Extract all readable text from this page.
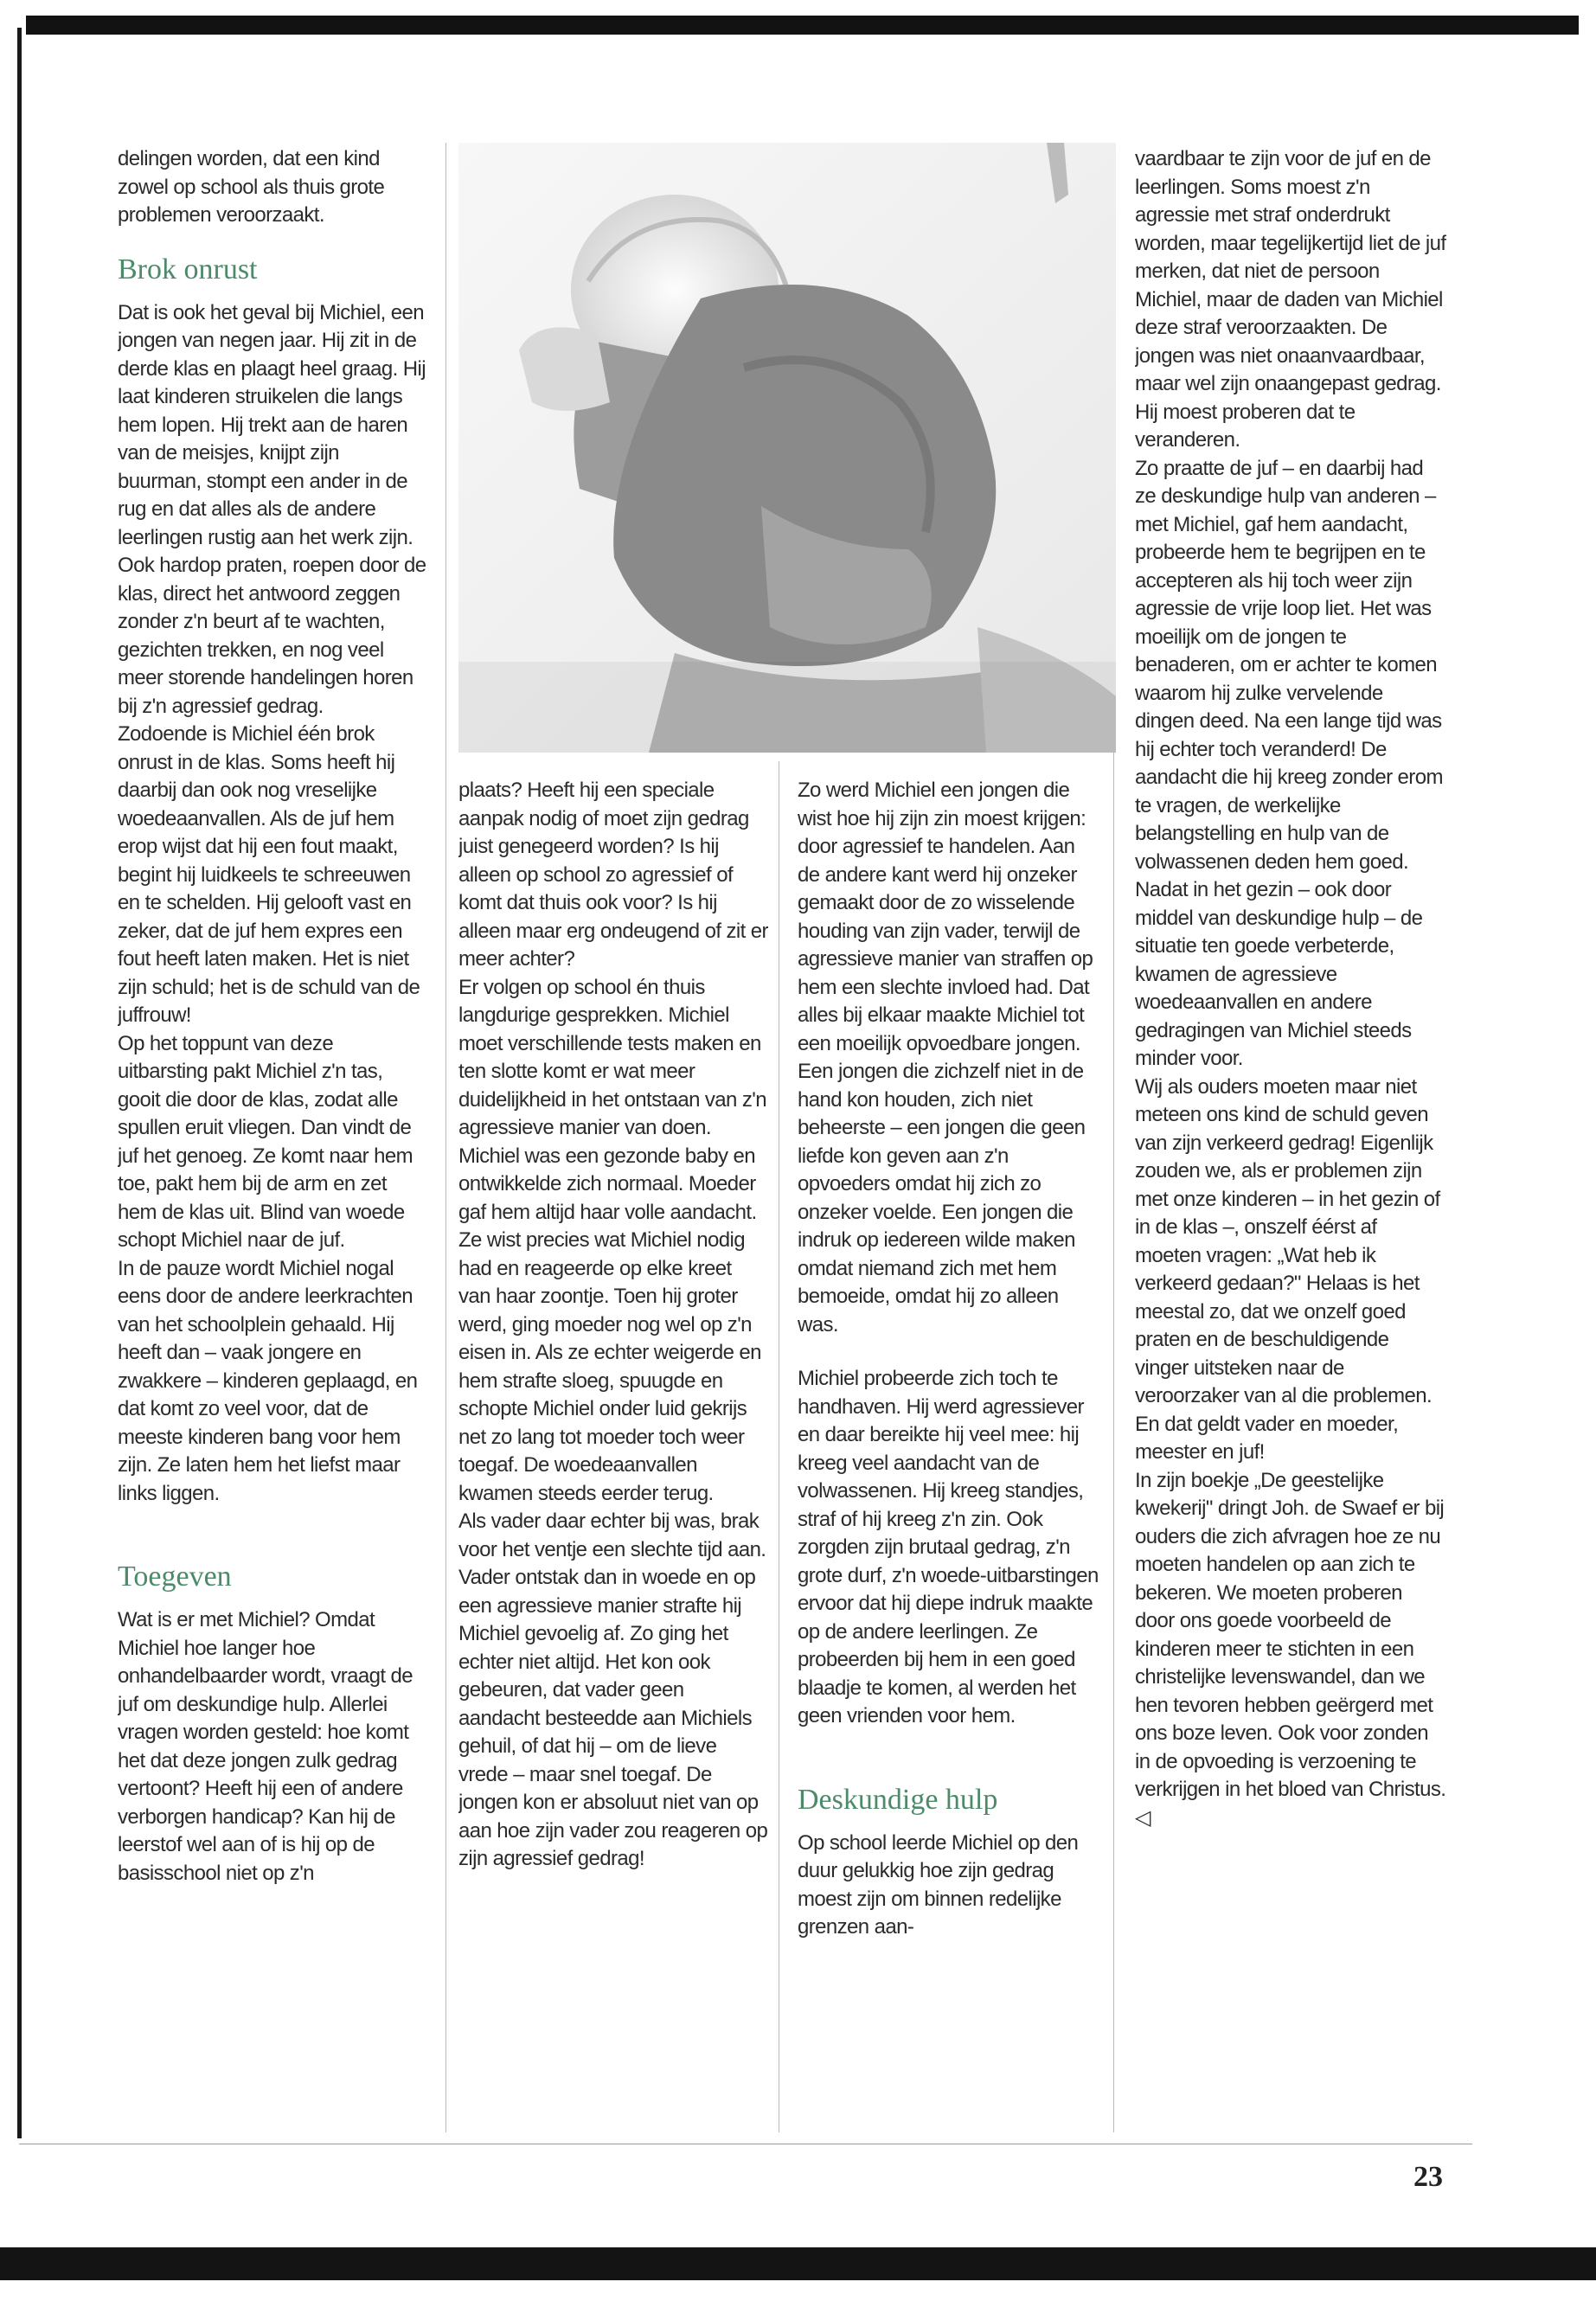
delingen worden, dat een kind zowel op school als thuis grote problemen veroorzaakt.

Brok onrust

Dat is ook het geval bij Michiel, een jongen van negen jaar. Hij zit in de derde klas en plaagt heel graag. Hij laat kinderen struikelen die langs hem lopen. Hij trekt aan de haren van de meisjes, knijpt zijn buurman, stompt een ander in de rug en dat alles als de andere leerlingen rustig aan het werk zijn. Ook hardop praten, roepen door de klas, direct het antwoord zeggen zonder z'n beurt af te wachten, gezichten trekken, en nog veel meer storende handelingen horen bij z'n agressief gedrag.

Zodoende is Michiel één brok onrust in de klas. Soms heeft hij daarbij dan ook nog vreselijke woedeaanvallen. Als de juf hem erop wijst dat hij een fout maakt, begint hij luidkeels te schreeuwen en te schelden. Hij gelooft vast en zeker, dat de juf hem expres een fout heeft laten maken. Het is niet zijn schuld; het is de schuld van de juffrouw!

Op het toppunt van deze uitbarsting pakt Michiel z'n tas, gooit die door de klas, zodat alle spullen eruit vliegen. Dan vindt de juf het genoeg. Ze komt naar hem toe, pakt hem bij de arm en zet hem de klas uit. Blind van woede schopt Michiel naar de juf.

In de pauze wordt Michiel nogal eens door de andere leerkrachten van het schoolplein gehaald. Hij heeft dan – vaak jongere en zwakkere – kinderen geplaagd, en dat komt zo veel voor, dat de meeste kinderen bang voor hem zijn. Ze laten hem het liefst maar links liggen.

Toegeven

Wat is er met Michiel? Omdat Michiel hoe langer hoe onhandelbaarder wordt, vraagt de juf om deskundige hulp. Allerlei vragen worden gesteld: hoe komt het dat deze jongen zulk gedrag vertoont? Heeft hij een of andere verborgen handicap? Kan hij de leerstof wel aan of is hij op de basisschool niet op z'n

plaats? Heeft hij een speciale aanpak nodig of moet zijn gedrag juist genegeerd worden? Is hij alleen op school zo agressief of komt dat thuis ook voor? Is hij alleen maar erg ondeugend of zit er meer achter?

Er volgen op school én thuis langdurige gesprekken. Michiel moet verschillende tests maken en ten slotte komt er wat meer duidelijkheid in het ontstaan van z'n agressieve manier van doen.

Michiel was een gezonde baby en ontwikkelde zich normaal. Moeder gaf hem altijd haar volle aandacht. Ze wist precies wat Michiel nodig had en reageerde op elke kreet van haar zoontje. Toen hij groter werd, ging moeder nog wel op z'n eisen in. Als ze echter weigerde en hem strafte sloeg, spuugde en schopte Michiel onder luid gekrijs net zo lang tot moeder toch weer toegaf. De woedeaanvallen kwamen steeds eerder terug.

Als vader daar echter bij was, brak voor het ventje een slechte tijd aan. Vader ontstak dan in woede en op een agressieve manier strafte hij Michiel gevoelig af. Zo ging het echter niet altijd. Het kon ook gebeuren, dat vader geen aandacht besteedde aan Michiels gehuil, of dat hij – om de lieve vrede – maar snel toegaf. De jongen kon er absoluut niet van op aan hoe zijn vader zou reageren op zijn agressief gedrag!

Zo werd Michiel een jongen die wist hoe hij zijn zin moest krijgen: door agressief te handelen. Aan de andere kant werd hij onzeker gemaakt door de zo wisselende houding van zijn vader, terwijl de agressieve manier van straffen op hem een slechte invloed had. Dat alles bij elkaar maakte Michiel tot een moeilijk opvoedbare jongen. Een jongen die zichzelf niet in de hand kon houden, zich niet beheerste – een jongen die geen liefde kon geven aan z'n opvoeders omdat hij zich zo onzeker voelde. Een jongen die indruk op iedereen wilde maken omdat niemand zich met hem bemoeide, omdat hij zo alleen was.

Michiel probeerde zich toch te handhaven. Hij werd agressiever en daar bereikte hij veel mee: hij kreeg veel aandacht van de volwassenen. Hij kreeg standjes, straf of hij kreeg z'n zin. Ook zorgden zijn brutaal gedrag, z'n grote durf, z'n woede-uitbarstingen ervoor dat hij diepe indruk maakte op de andere leerlingen. Ze probeerden bij hem in een goed blaadje te komen, al werden het geen vrienden voor hem.

Deskundige hulp

Op school leerde Michiel op den duur gelukkig hoe zijn gedrag moest zijn om binnen redelijke grenzen aan-

vaardbaar te zijn voor de juf en de leerlingen. Soms moest z'n agressie met straf onderdrukt worden, maar tegelijkertijd liet de juf merken, dat niet de persoon Michiel, maar de daden van Michiel deze straf veroorzaakten. De jongen was niet onaanvaardbaar, maar wel zijn onaangepast gedrag. Hij moest proberen dat te veranderen.

Zo praatte de juf – en daarbij had ze deskundige hulp van anderen – met Michiel, gaf hem aandacht, probeerde hem te begrijpen en te accepteren als hij toch weer zijn agressie de vrije loop liet. Het was moeilijk om de jongen te benaderen, om er achter te komen waarom hij zulke vervelende dingen deed. Na een lange tijd was hij echter toch veranderd! De aandacht die hij kreeg zonder erom te vragen, de werkelijke belangstelling en hulp van de volwassenen deden hem goed. Nadat in het gezin – ook door middel van deskundige hulp – de situatie ten goede verbeterde, kwamen de agressieve woedeaanvallen en andere gedragingen van Michiel steeds minder voor.

Wij als ouders moeten maar niet meteen ons kind de schuld geven van zijn verkeerd gedrag! Eigenlijk zouden we, als er problemen zijn met onze kinderen – in het gezin of in de klas –, onszelf éérst af moeten vragen: „Wat heb ik verkeerd gedaan?" Helaas is het meestal zo, dat we onzelf goed praten en de beschuldigende vinger uitsteken naar de veroorzaker van al die problemen. En dat geldt vader en moeder, meester en juf!

In zijn boekje „De geestelijke kwekerij" dringt Joh. de Swaef er bij ouders die zich afvragen hoe ze nu moeten handelen op aan zich te bekeren. We moeten proberen door ons goede voorbeeld de kinderen meer te stichten in een christelijke levenswandel, dan we hen tevoren hebben geërgerd met ons boze leven. Ook voor zonden in de opvoeding is verzoening te verkrijgen in het bloed van Christus. ◁

23
